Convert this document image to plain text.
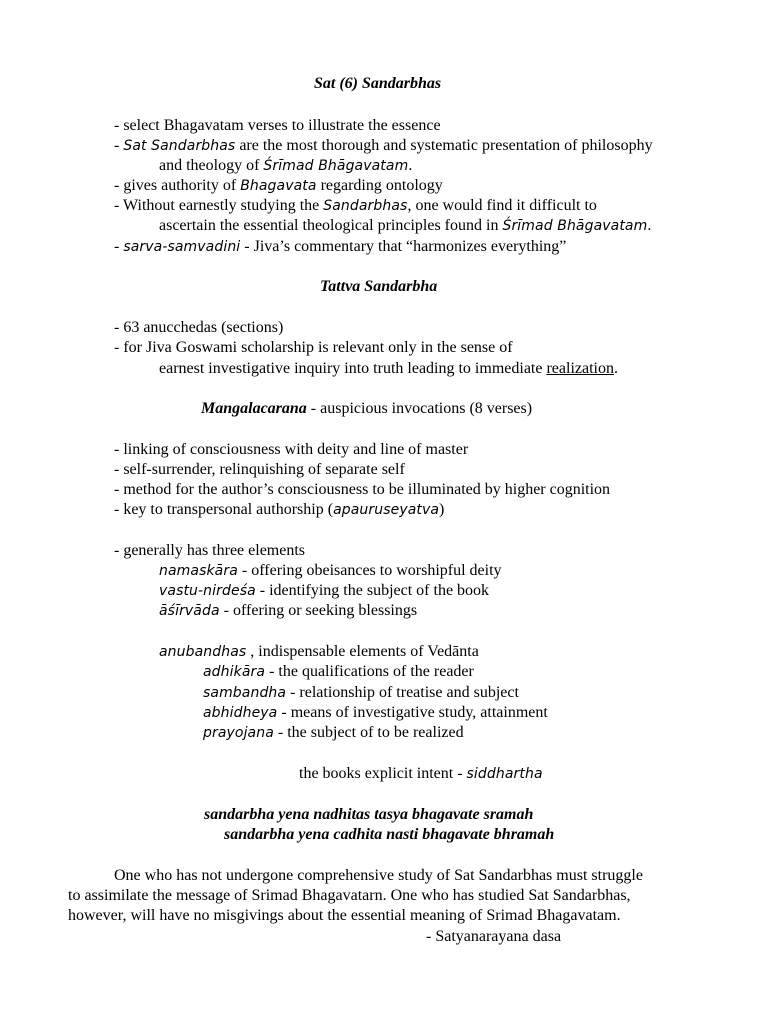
Sat (6) Sandarbhas
- select Bhagavatam verses to illustrate the essence
- Sat Sandarbhas are the most thorough and systematic presentation of philosophy
and theology of Śrīmad Bhāgavatam.
- gives authority of Bhagavata regarding ontology
- Without earnestly studying the Sandarbhas, one would find it difficult to
ascertain the essential theological principles found in Śrīmad Bhāgavatam.
- sarva-samvadini - Jiva’s commentary that “harmonizes everything”
Tattva Sandarbha
- 63 anucchedas (sections)
- for Jiva Goswami scholarship is relevant only in the sense of
earnest investigative inquiry into truth leading to immediate realization.
Mangalacarana - auspicious invocations (8 verses)
- linking of consciousness with deity and line of master
- self-surrender, relinquishing of separate self
- method for the author’s consciousness to be illuminated by higher cognition
- key to transpersonal authorship (apauruseyatva)
- generally has three elements
namaskāra - offering obeisances to worshipful deity
vastu-nirdeśa - identifying the subject of the book
āśīrvāda - offering or seeking blessings
anubandhas , indispensable elements of Vedānta
adhikāra - the qualifications of the reader
sambandha - relationship of treatise and subject
abhidheya - means of investigative study, attainment
prayojana - the subject of to be realized
the books explicit intent - siddhartha
sandarbha yena nadhitas tasya bhagavate sramah
sandarbha yena cadhita nasti bhagavate bhramah
One who has not undergone comprehensive study of Sat Sandarbhas must struggle
to assimilate the message of Srimad Bhagavatarn. One who has studied Sat Sandarbhas,
however, will have no misgivings about the essential meaning of Srimad Bhagavatam.
- Satyanarayana dasa
